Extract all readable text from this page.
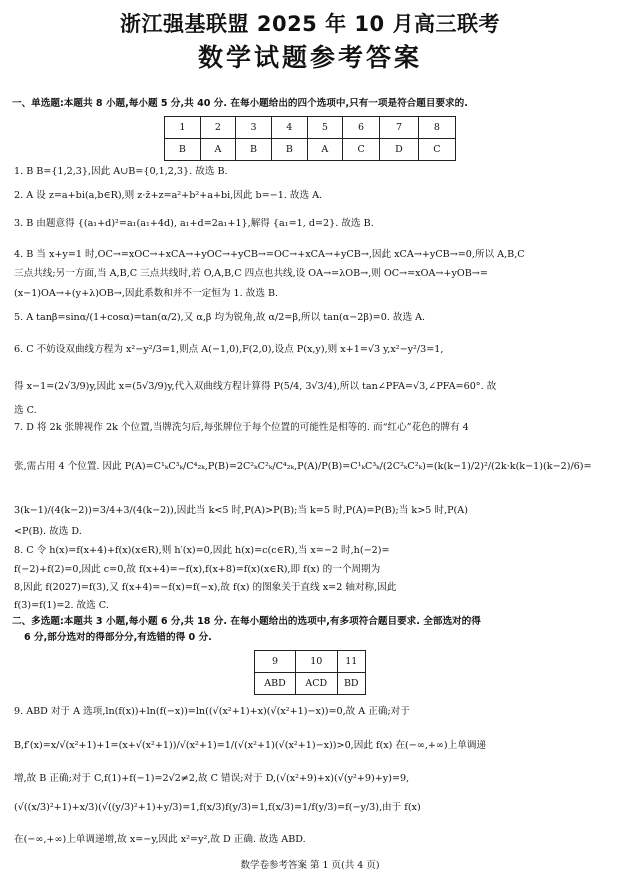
浙江强基联盟 2025 年 10 月高三联考
数学试题参考答案
一、单选题:本题共 8 小题,每小题 5 分,共 40 分. 在每小题给出的四个选项中,只有一项是符合题目要求的.
1	2	3	4	5	6	7	8
B	A	B	B	A	C	D	C
1. B B={1,2,3},因此 A∪B={0,1,2,3}. 故选 B.
2. A 设 z=a+bi(a,b∈R),则 z·z̄+z=a²+b²+a+bi,因此 b=−1. 故选 A.
3. B 由题意得 {(a₁+d)²=a₁(a₁+4d), a₁+d=2a₁+1},解得 {a₁=1, d=2}. 故选 B.
4. B 当 x+y=1 时,OC→=xOC→+xCA→+yOC→+yCB→=OC→+xCA→+yCB→,因此 xCA→+yCB→=0,所以 A,B,C
三点共线;另一方面,当 A,B,C 三点共线时,若 O,A,B,C 四点也共线,设 OA→=λOB→,则 OC→=xOA→+yOB→=
(x−1)OA→+(y+λ)OB→,因此系数和并不一定恒为 1. 故选 B.
5. A tanβ=sinα/(1+cosα)=tan(α/2),又 α,β 均为锐角,故 α/2=β,所以 tan(α−2β)=0. 故选 A.
6. C 不妨设双曲线方程为 x²−y²/3=1,则点 A(−1,0),F(2,0),设点 P(x,y),则 x+1=√3 y,x²−y²/3=1,
得 x−1=(2√3/9)y,因此 x=(5√3/9)y,代入双曲线方程计算得 P(5/4, 3√3/4),所以 tan∠PFA=√3,∠PFA=60°. 故
选 C.
7. D 将 2k 张牌视作 2k 个位置,当牌洗匀后,每张牌位于每个位置的可能性是相等的. 而“红心”花色的牌有 4
张,需占用 4 个位置. 因此 P(A)=C¹ₖC³ₖ/C⁴₂ₖ,P(B)=2C²ₖC²ₖ/C⁴₂ₖ,P(A)/P(B)=C¹ₖC³ₖ/(2C²ₖC²ₖ)=(k(k−1)/2)²/(2k·k(k−1)(k−2)/6)=
3(k−1)/(4(k−2))=3/4+3/(4(k−2)),因此当 k<5 时,P(A)>P(B);当 k=5 时,P(A)=P(B);当 k>5 时,P(A)
<P(B). 故选 D.
8. C 令 h(x)=f(x+4)+f(x)(x∈R),则 h′(x)=0,因此 h(x)=c(c∈R),当 x=−2 时,h(−2)=
f(−2)+f(2)=0,因此 c=0,故 f(x+4)=−f(x),f(x+8)=f(x)(x∈R),即 f(x) 的一个周期为
8,因此 f(2027)=f(3),又 f(x+4)=−f(x)=f(−x),故 f(x) 的图象关于直线 x=2 轴对称,因此
f(3)=f(1)=2. 故选 C.
二、多选题:本题共 3 小题,每小题 6 分,共 18 分. 在每小题给出的选项中,有多项符合题目要求. 全部选对的得
6 分,部分选对的得部分分,有选错的得 0 分.
9	10	11
ABD	ACD	BD
9. ABD 对于 A 选项,ln(f(x))+ln(f(−x))=ln((√(x²+1)+x)(√(x²+1)−x))=0,故 A 正确;对于
B,f′(x)=x/√(x²+1)+1=(x+√(x²+1))/√(x²+1)=1/(√(x²+1)(√(x²+1)−x))>0,因此 f(x) 在(−∞,+∞)上单调递
增,故 B 正确;对于 C,f(1)+f(−1)=2√2≠2,故 C 错误;对于 D,(√(x²+9)+x)(√(y²+9)+y)=9,
(√((x/3)²+1)+x/3)(√((y/3)²+1)+y/3)=1,f(x/3)f(y/3)=1,f(x/3)=1/f(y/3)=f(−y/3),由于 f(x)
在(−∞,+∞)上单调递增,故 x=−y,因此 x²=y²,故 D 正确. 故选 ABD.
数学卷参考答案 第 1 页(共 4 页)
